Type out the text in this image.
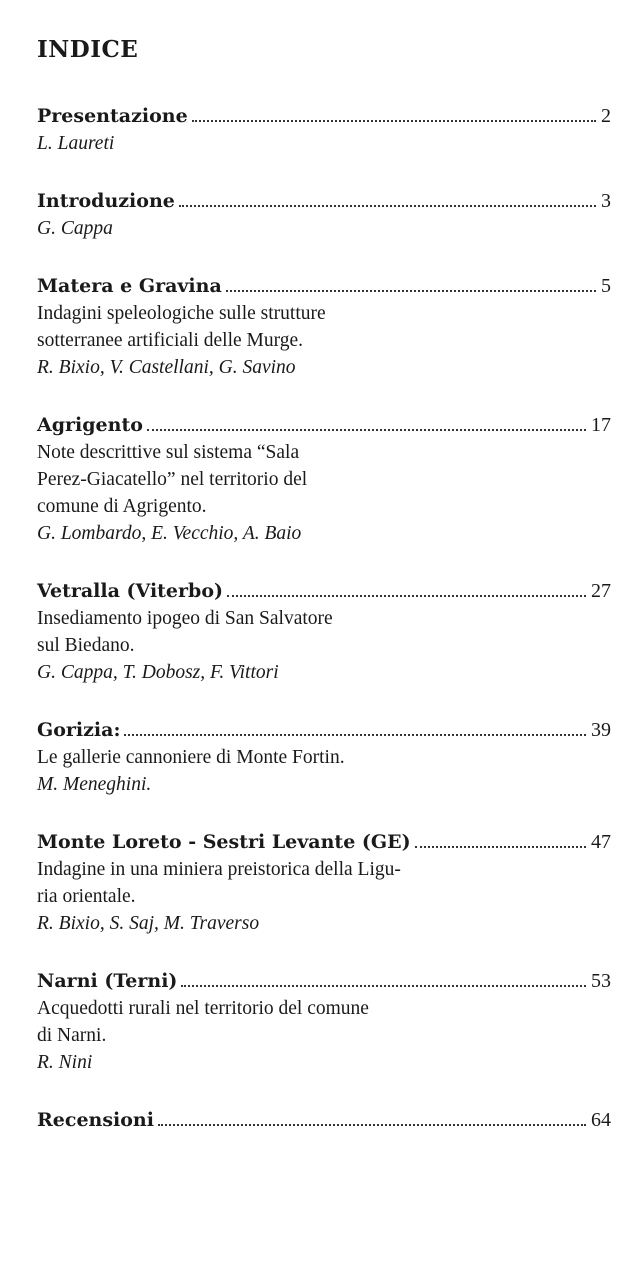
INDICE
Presentazione	2

L. Laureti

Introduzione	3

G. Cappa

Matera e Gravina	5

Indagini speleologiche sulle strutture
sotterranee artificiali delle Murge.

R. Bixio, V. Castellani, G. Savino

Agrigento	17

Note descrittive sul sistema “Sala
Perez-Giacatello” nel territorio del
comune di Agrigento.

G. Lombardo, E. Vecchio, A. Baio

Vetralla (Viterbo)	27

Insediamento ipogeo di San Salvatore
sul Biedano.

G. Cappa, T. Dobosz, F. Vittori

Gorizia:	39

Le gallerie cannoniere di Monte Fortin.

M. Meneghini.

Monte Loreto - Sestri Levante (GE)	47

Indagine in una miniera preistorica della Ligu-
ria orientale.

R. Bixio, S. Saj, M. Traverso

Narni (Terni)	53

Acquedotti rurali nel territorio del comune
di Narni.

R. Nini

Recensioni	64
